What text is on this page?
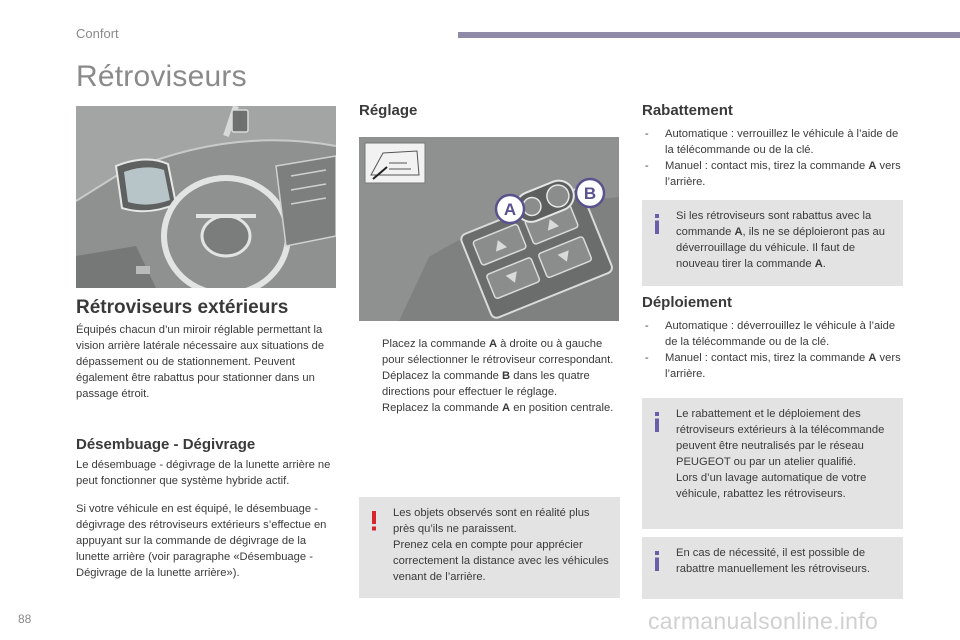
Confort
Rétroviseurs
A
B
Rétroviseurs extérieurs
Équipés chacun d’un miroir réglable permettant la vision arrière latérale nécessaire aux situations de dépassement ou de stationnement. Peuvent également être rabattus pour stationner dans un passage étroit.
Désembuage - Dégivrage
Le désembuage - dégivrage de la lunette arrière ne peut fonctionner que système hybride actif.
Si votre véhicule en est équipé, le désembuage - dégivrage des rétroviseurs extérieurs s’effectue en appuyant sur la commande de dégivrage de la lunette arrière (voir paragraphe «Désembuage - Dégivrage de la lunette arrière»).
Réglage
Placez la commande A à droite ou à gauche pour sélectionner le rétroviseur correspondant.
Déplacez la commande B dans les quatre directions pour effectuer le réglage.
Replacez la commande A en position centrale.
Les objets observés sont en réalité plus près qu’ils ne paraissent.
Prenez cela en compte pour apprécier correctement la distance avec les véhicules venant de l’arrière.
Rabattement
- Automatique : verrouillez le véhicule à l’aide de la télécommande ou de la clé.
- Manuel : contact mis, tirez la commande A vers l’arrière.
Si les rétroviseurs sont rabattus avec la commande A, ils ne se déploieront pas au déverrouillage du véhicule. Il faut de nouveau tirer la commande A.
Déploiement
- Automatique : déverrouillez le véhicule à l’aide de la télécommande ou de la clé.
- Manuel : contact mis, tirez la commande A vers l’arrière.
Le rabattement et le déploiement des rétroviseurs extérieurs à la télécommande peuvent être neutralisés par le réseau PEUGEOT ou par un atelier qualifié.
Lors d’un lavage automatique de votre véhicule, rabattez les rétroviseurs.
En cas de nécessité, il est possible de rabattre manuellement les rétroviseurs.
88	carmanualsonline.info
